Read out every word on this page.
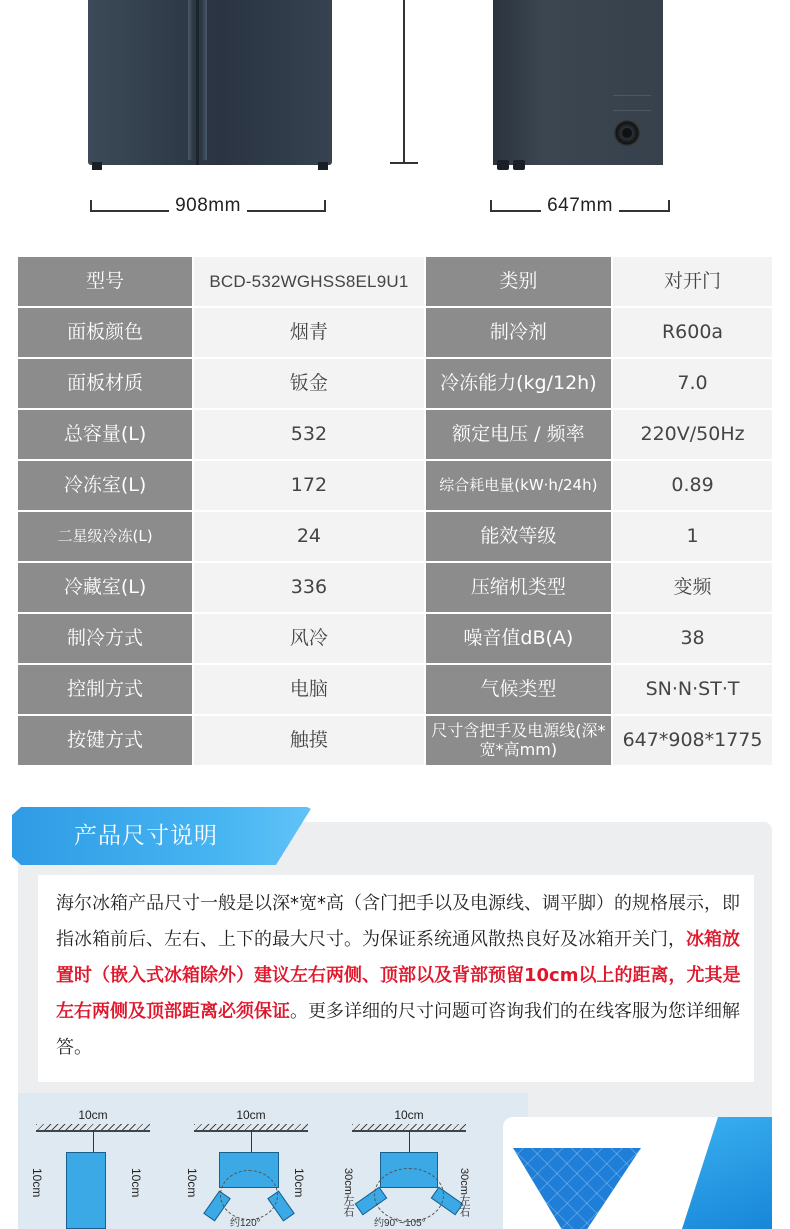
908mm	647mm
型号	BCD-532WGHSS8EL9U1	类别	对开门
面板颜色	烟青	制冷剂	R600a
面板材质	钣金	冷冻能力(kg/12h)	7.0
总容量(L)	532	额定电压 / 频率	220V/50Hz
冷冻室(L)	172	综合耗电量(kW·h/24h)	0.89
二星级冷冻(L)	24	能效等级	1
冷藏室(L)	336	压缩机类型	变频
制冷方式	风冷	噪音值dB(A)	38
控制方式	电脑	气候类型	SN·N·ST·T
按键方式	触摸	尺寸含把手及电源线(深*宽*高mm)	647*908*1775
产品尺寸说明
海尔冰箱产品尺寸一般是以深*宽*高（含门把手以及电源线、调平脚）的规格展示，即指冰箱前后、左右、上下的最大尺寸。为保证系统通风散热良好及冰箱开关门，冰箱放置时（嵌入式冰箱除外）建议左右两侧、顶部以及背部预留10cm以上的距离，尤其是左右两侧及顶部距离必须保证。更多详细的尺寸问题可咨询我们的在线客服为您详细解答。
10cm
10cm	10cm
10cm
10cm	10cm
约120°
10cm
30cm左右	30cm左右
约90°~105°
